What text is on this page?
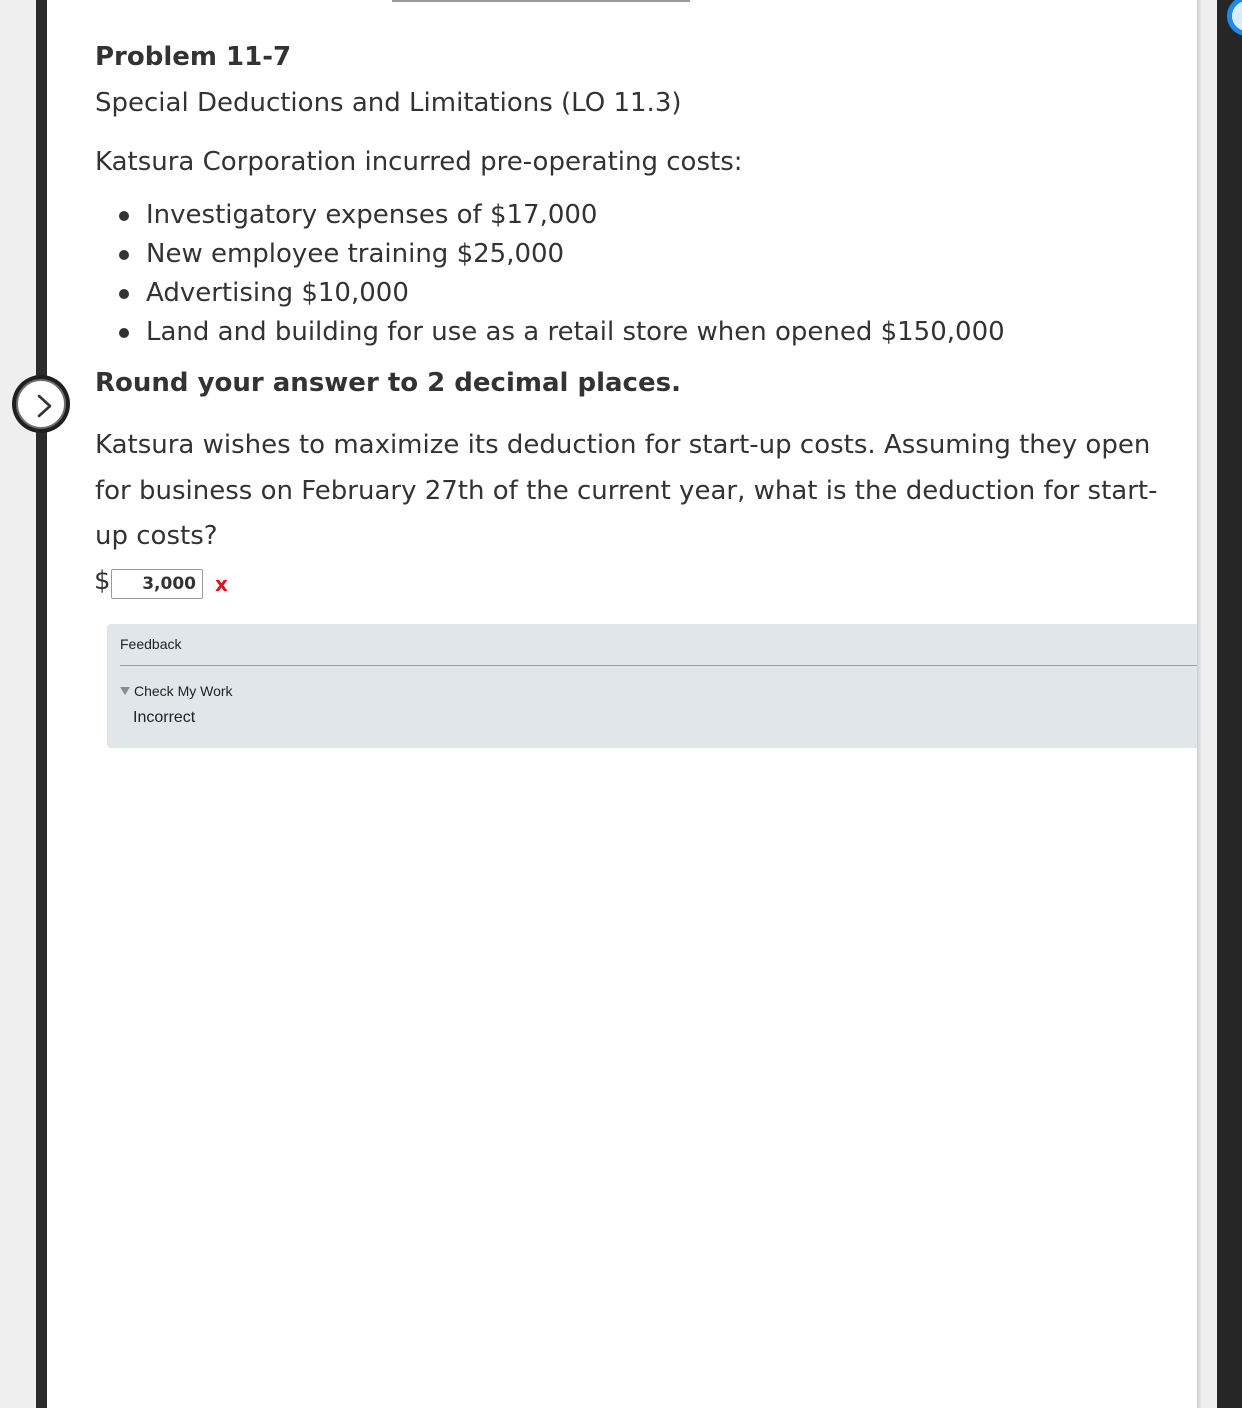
Problem 11-7
Special Deductions and Limitations (LO 11.3)
Katsura Corporation incurred pre-operating costs:
Investigatory expenses of $17,000
New employee training $25,000
Advertising $10,000
Land and building for use as a retail store when opened $150,000
Round your answer to 2 decimal places.
Katsura wishes to maximize its deduction for start-up costs. Assuming they open for business on February 27th of the current year, what is the deduction for start-up costs?
$
3,000	x
Feedback
Check My Work
Incorrect
